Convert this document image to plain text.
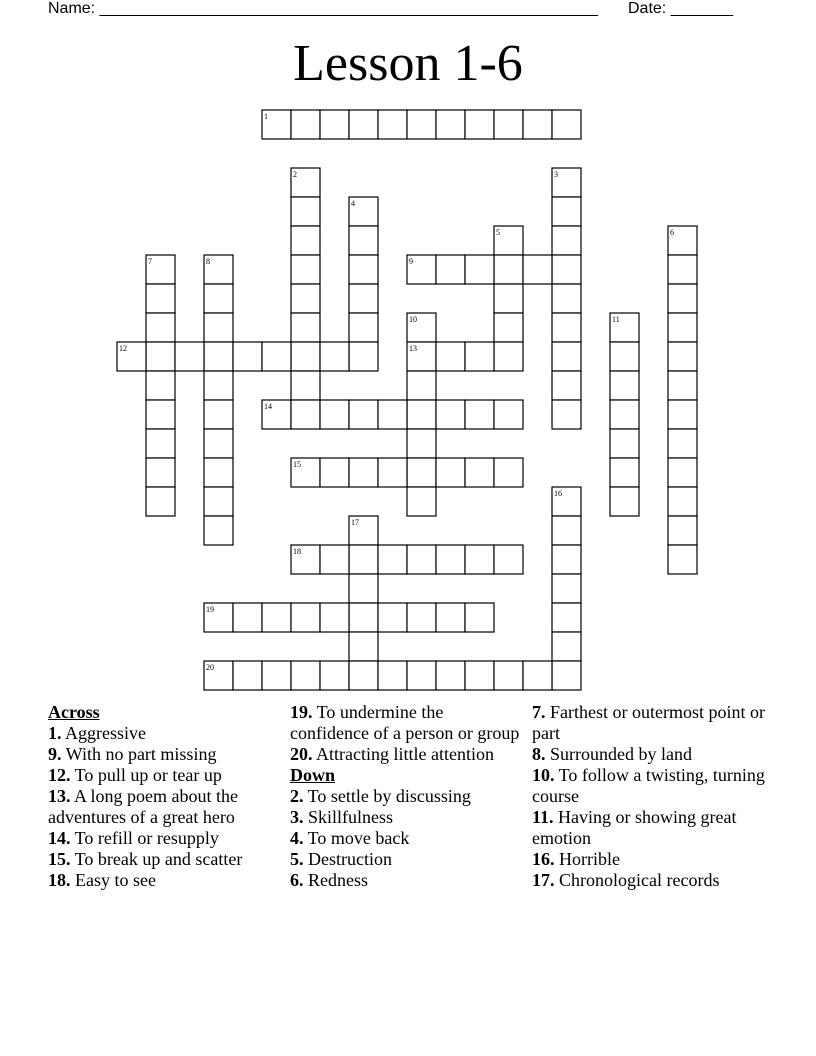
Name: ________________________________________________________ Date: _______
Lesson 1-6
1
2	3
4
5	6
7	8	9
10	11
12	13
14
15
16
17
18
19
20
Across

1. Aggressive

9. With no part missing

12. To pull up or tear up

13. A long poem about the adventures of a great hero

14. To refill or resupply

15. To break up and scatter

18. Easy to see

19. To undermine the confidence of a person or group

20. Attracting little attention

Down

2. To settle by discussing

3. Skillfulness

4. To move back

5. Destruction

6. Redness

7. Farthest or outermost point or part

8. Surrounded by land

10. To follow a twisting, turning course

11. Having or showing great emotion

16. Horrible

17. Chronological records
